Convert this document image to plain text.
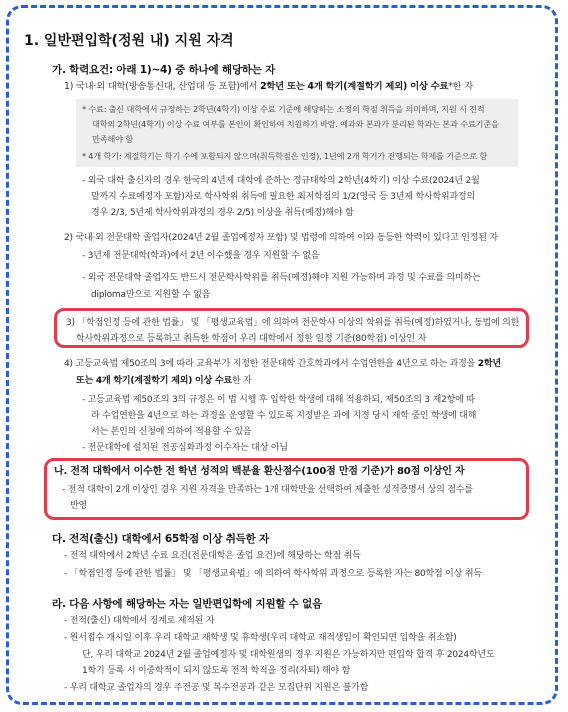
1. 일반편입학(정원 내) 지원 자격
가. 학력요건: 아래 1)~4) 중 하나에 해당하는 자
1) 국내·외 대학(방송통신대, 산업대 등 포함)에서 2학년 또는 4개 학기(계절학기 제외) 이상 수료*한 자
* 수료: 출신 대학에서 규정하는 2학년(4학기) 이상 수료 기준에 해당하는 소정의 학점 취득을 의미하며, 지원 시 전적
대학의 2학년(4학기) 이상 수료 여부를 본인이 확인하여 지원하기 바람. 예과와 본과가 분리된 학과는 본과 수료기준을
만족해야 함
* 4개 학기: 계절학기는 학기 수에 포함되지 않으며(취득학점은 인정), 1년에 2개 학기가 진행되는 학제를 기준으로 함
- 외국 대학 출신자의 경우 한국의 4년제 대학에 준하는 정규대학의 2학년(4학기) 이상 수료(2024년 2월
말까지 수료예정자 포함)자로 학사학위 취득에 필요한 최저학점의 1/2(영국 등 3년제 학사학위과정의
경우 2/3, 5년제 학사학위과정의 경우 2/5) 이상을 취득(예정)해야 함
2) 국내·외 전문대학 졸업자(2024년 2월 졸업예정자 포함) 및 법령에 의하여 이와 동등한 학력이 있다고 인정된 자
- 3년제 전문대학(학과)에서 2년 이수했을 경우 지원할 수 없음
- 외국 전문대학 졸업자도 반드시 전문학사학위를 취득(예정)해야 지원 가능하며 과정 및 수료를 의미하는
diploma만으로 지원할 수 없음
3) 「학점인정 등에 관한 법률」 및 「평생교육법」에 의하여 전문학사 이상의 학위를 취득(예정)하였거나, 동법에 의한
학사학위과정으로 등록하고 취득한 학점이 우리 대학에서 정한 일정 기준(80학점) 이상인 자
4) 고등교육법 제50조의 3에 따라 교육부가 지정한 전문대학 간호학과에서 수업연한을 4년으로 하는 과정을 2학년
또는 4개 학기(계절학기 제외) 이상 수료한 자
- 고등교육법 제50조의 3의 규정은 이 법 시행 후 입학한 학생에 대해 적용하되, 제50조의 3 제2항에 따
라 수업연한을 4년으로 하는 과정을 운영할 수 있도록 지정받은 과에 지정 당시 재학 중인 학생에 대해
서는 본인의 신청에 의하여 적용할 수 있음
- 전문대학에 설치된 전공심화과정 이수자는 대상 아님
나. 전적 대학에서 이수한 전 학년 성적의 백분율 환산점수(100점 만점 기준)가 80점 이상인 자
- 전적 대학이 2개 이상인 경우 지원 자격을 만족하는 1개 대학만을 선택하여 제출한 성적증명서 상의 점수를
반영
다. 전적(출신) 대학에서 65학점 이상 취득한 자
- 전적 대학에서 2학년 수료 요건(전문대학은 졸업 요건)에 해당하는 학점 취득
- 「학점인정 등에 관한 법률」 및 「평생교육법」에 의하여 학사학위 과정으로 등록한 자는 80학점 이상 취득
라. 다음 사항에 해당하는 자는 일반편입학에 지원할 수 없음
- 전적(출신) 대학에서 징계로 제적된 자
- 원서접수 개시일 이후 우리 대학교 재학생 및 휴학생(우리 대학교 재적생임이 확인되면 입학을 취소함)
단, 우리 대학교 2024년 2월 졸업예정자 및 대학원생의 경우 지원은 가능하지만 편입학 합격 후 2024학년도
1학기 등록 시 이중학적이 되지 않도록 전적 학적을 정리(자퇴) 해야 함
- 우리 대학교 졸업자의 경우 주전공 및 복수전공과 같은 모집단위 지원은 불가함
